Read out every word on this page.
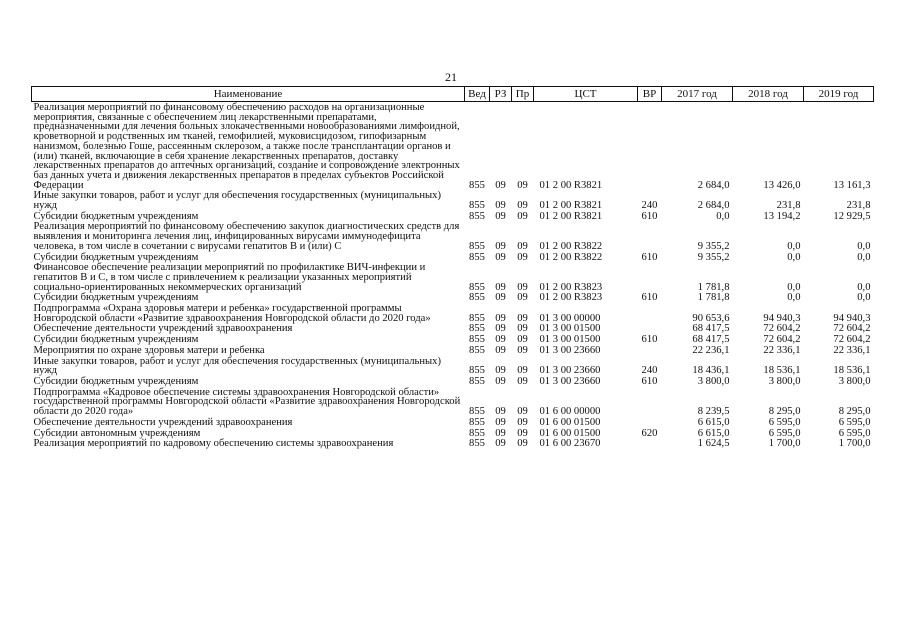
21
Наименование	Вед	РЗ	Пр	ЦСТ	ВР	2017 год	2018 год	2019 год
Реализация мероприятий по финансовому обеспечению расходов на организационные мероприятия, связанные с обеспечением лиц лекарственными препаратами, предназначенными для лечения больных злокачественными новообразованиями лимфоидной, кроветворной и родственных им тканей, гемофилией, муковисцидозом, гипофизарным нанизмом, болезнью Гоше, рассеянным склерозом, а также после трансплантации органов и (или) тканей, включающие в себя хранение лекарственных препаратов, доставку лекарственных препаратов до аптечных организаций, создание и сопровождение электронных баз данных учета и движения лекарственных препаратов в пределах субъектов Российской Федерации	855	09	09	01 2 00 R3821		2 684,0	13 426,0	13 161,3
Иные закупки товаров, работ и услуг для обеспечения государственных (муниципальных) нужд	855	09	09	01 2 00 R3821	240	2 684,0	231,8	231,8
Субсидии бюджетным учреждениям	855	09	09	01 2 00 R3821	610	0,0	13 194,2	12 929,5
Реализация мероприятий по финансовому обеспечению закупок диагностических средств для выявления и мониторинга лечения лиц, инфицированных вирусами иммунодефицита человека, в том числе в сочетании с вирусами гепатитов В и (или) С	855	09	09	01 2 00 R3822		9 355,2	0,0	0,0
Субсидии бюджетным учреждениям	855	09	09	01 2 00 R3822	610	9 355,2	0,0	0,0
Финансовое обеспечение реализации мероприятий по профилактике ВИЧ-инфекции и гепатитов В и С, в том числе с привлечением к реализации указанных мероприятий социально-ориентированных некоммерческих организаций	855	09	09	01 2 00 R3823		1 781,8	0,0	0,0
Субсидии бюджетным учреждениям	855	09	09	01 2 00 R3823	610	1 781,8	0,0	0,0
Подпрограмма «Охрана здоровья матери и ребенка» государственной программы Новгородской области «Развитие здравоохранения Новгородской области до 2020 года»	855	09	09	01 3 00 00000		90 653,6	94 940,3	94 940,3
Обеспечение деятельности учреждений здравоохранения	855	09	09	01 3 00 01500		68 417,5	72 604,2	72 604,2
Субсидии бюджетным учреждениям	855	09	09	01 3 00 01500	610	68 417,5	72 604,2	72 604,2
Мероприятия по охране здоровья матери и ребенка	855	09	09	01 3 00 23660		22 236,1	22 336,1	22 336,1
Иные закупки товаров, работ и услуг для обеспечения государственных (муниципальных) нужд	855	09	09	01 3 00 23660	240	18 436,1	18 536,1	18 536,1
Субсидии бюджетным учреждениям	855	09	09	01 3 00 23660	610	3 800,0	3 800,0	3 800,0
Подпрограмма «Кадровое обеспечение системы здравоохранения Новгородской области» государственной программы Новгородской области «Развитие здравоохранения Новгородской области до 2020 года»	855	09	09	01 6 00 00000		8 239,5	8 295,0	8 295,0
Обеспечение деятельности учреждений здравоохранения	855	09	09	01 6 00 01500		6 615,0	6 595,0	6 595,0
Субсидии автономным учреждениям	855	09	09	01 6 00 01500	620	6 615,0	6 595,0	6 595,0
Реализация мероприятий по кадровому обеспечению системы здравоохранения	855	09	09	01 6 00 23670		1 624,5	1 700,0	1 700,0
